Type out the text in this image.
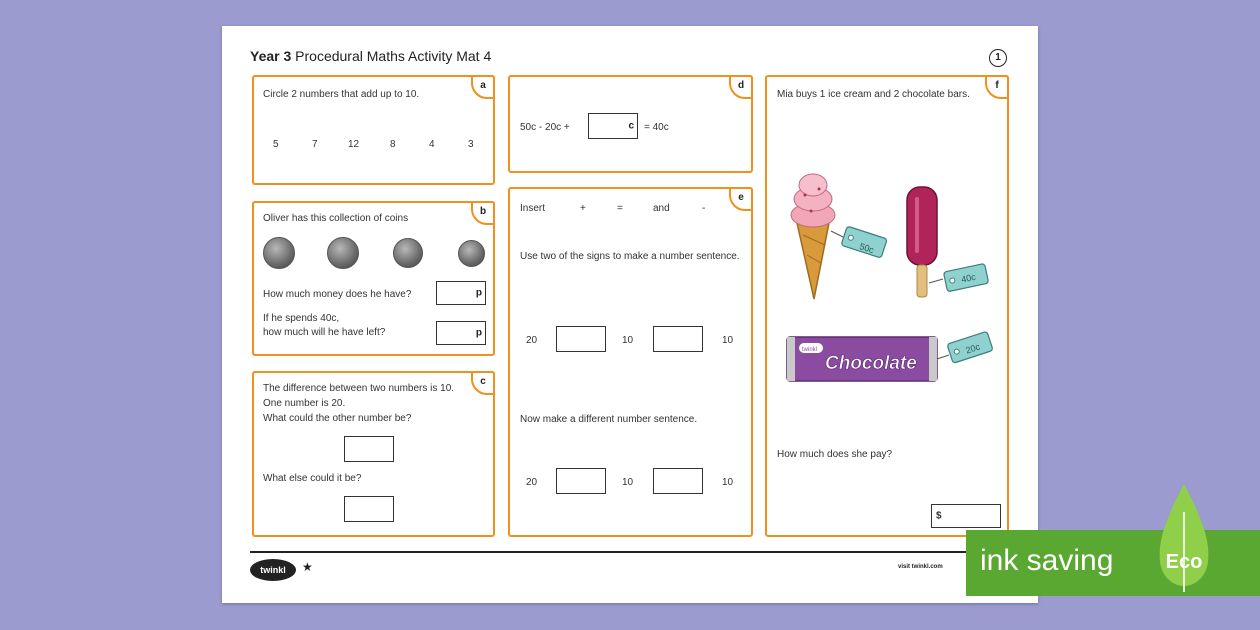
Year 3 Procedural Maths Activity Mat 4	1
a
Circle 2 numbers that add up to 10.
5	7	12	8	4	3
b
Oliver has this collection of coins
How much money does he have?	p
If he spends 40c,
how much will he have left?	p
c
The difference between two numbers is 10.
One number is 20.
What could the other number be?
What else could it be?
d
50c - 20c +	c = 40c
e
Insert	+	=	and	-
Use two of the signs to make a number sentence.
20	10	10
Now make a different number sentence.
20	10	10
f
Mia buys 1 ice cream and 2 chocolate bars.
50c
40c
twinkl
Chocolate
20c
How much does she pay?
$
twinkl	★	visit twinkl.com ink saving	Eco
